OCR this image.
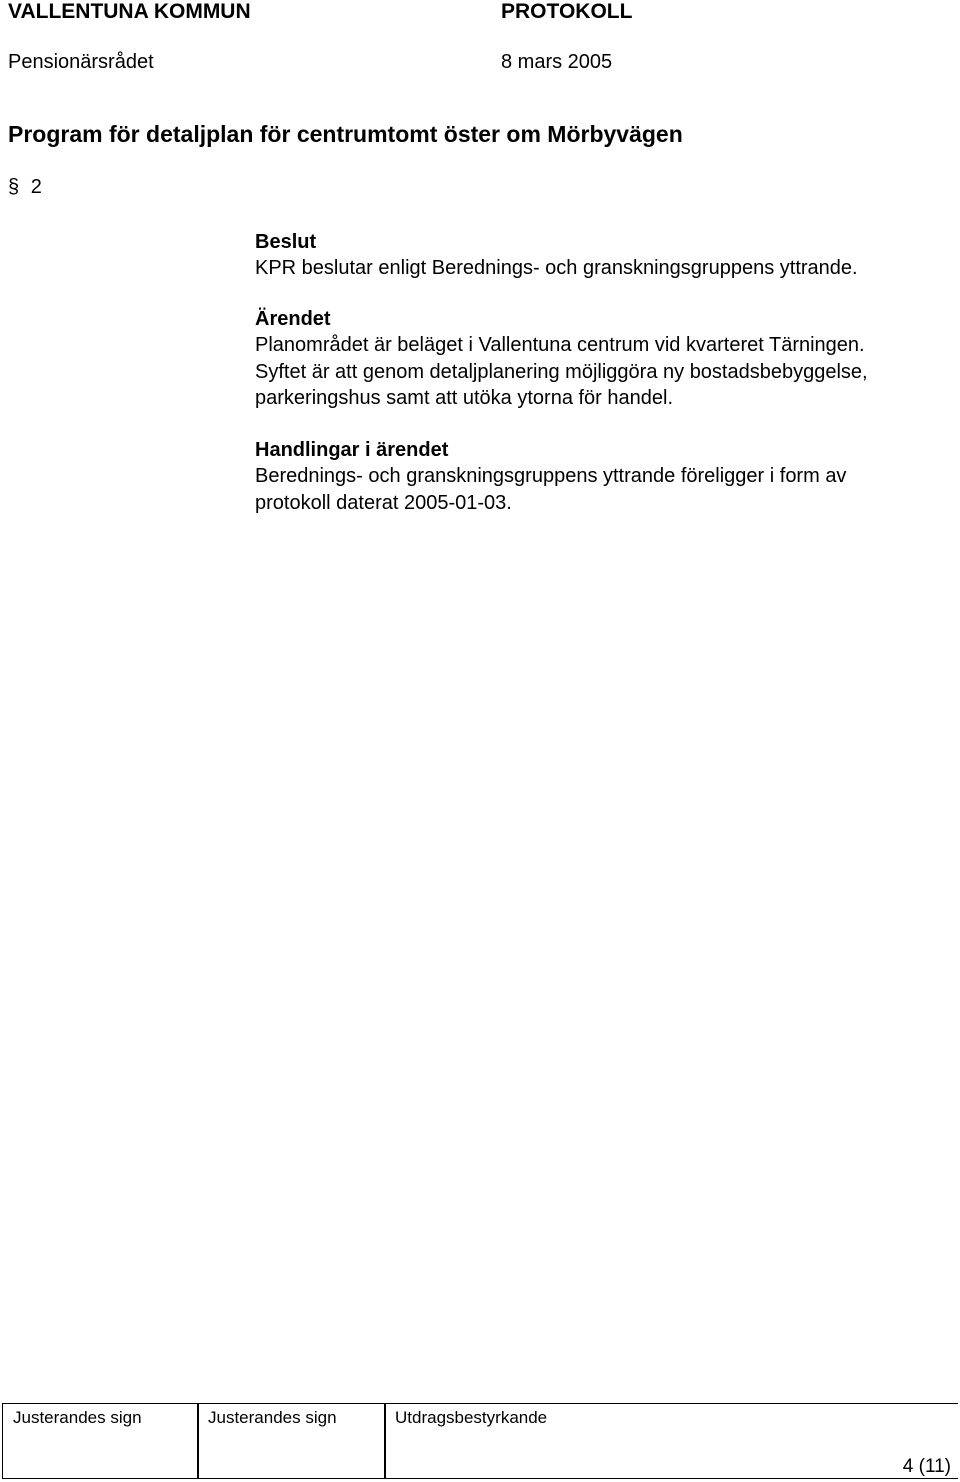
VALLENTUNA KOMMUN	PROTOKOLL
Pensionärsrådet	8 mars 2005
Program för detaljplan för centrumtomt öster om Mörbyvägen
§ 2
Beslut
KPR beslutar enligt Berednings- och granskningsgruppens yttrande.
Ärendet
Planområdet är beläget i Vallentuna centrum vid kvarteret Tärningen.
Syftet är att genom detaljplanering möjliggöra ny bostadsbebyggelse,
parkeringshus samt att utöka ytorna för handel.
Handlingar i ärendet
Berednings- och granskningsgruppens yttrande föreligger i form av
protokoll daterat 2005-01-03.
Justerandes sign	Justerandes sign	Utdragsbestyrkande
4 (11)
